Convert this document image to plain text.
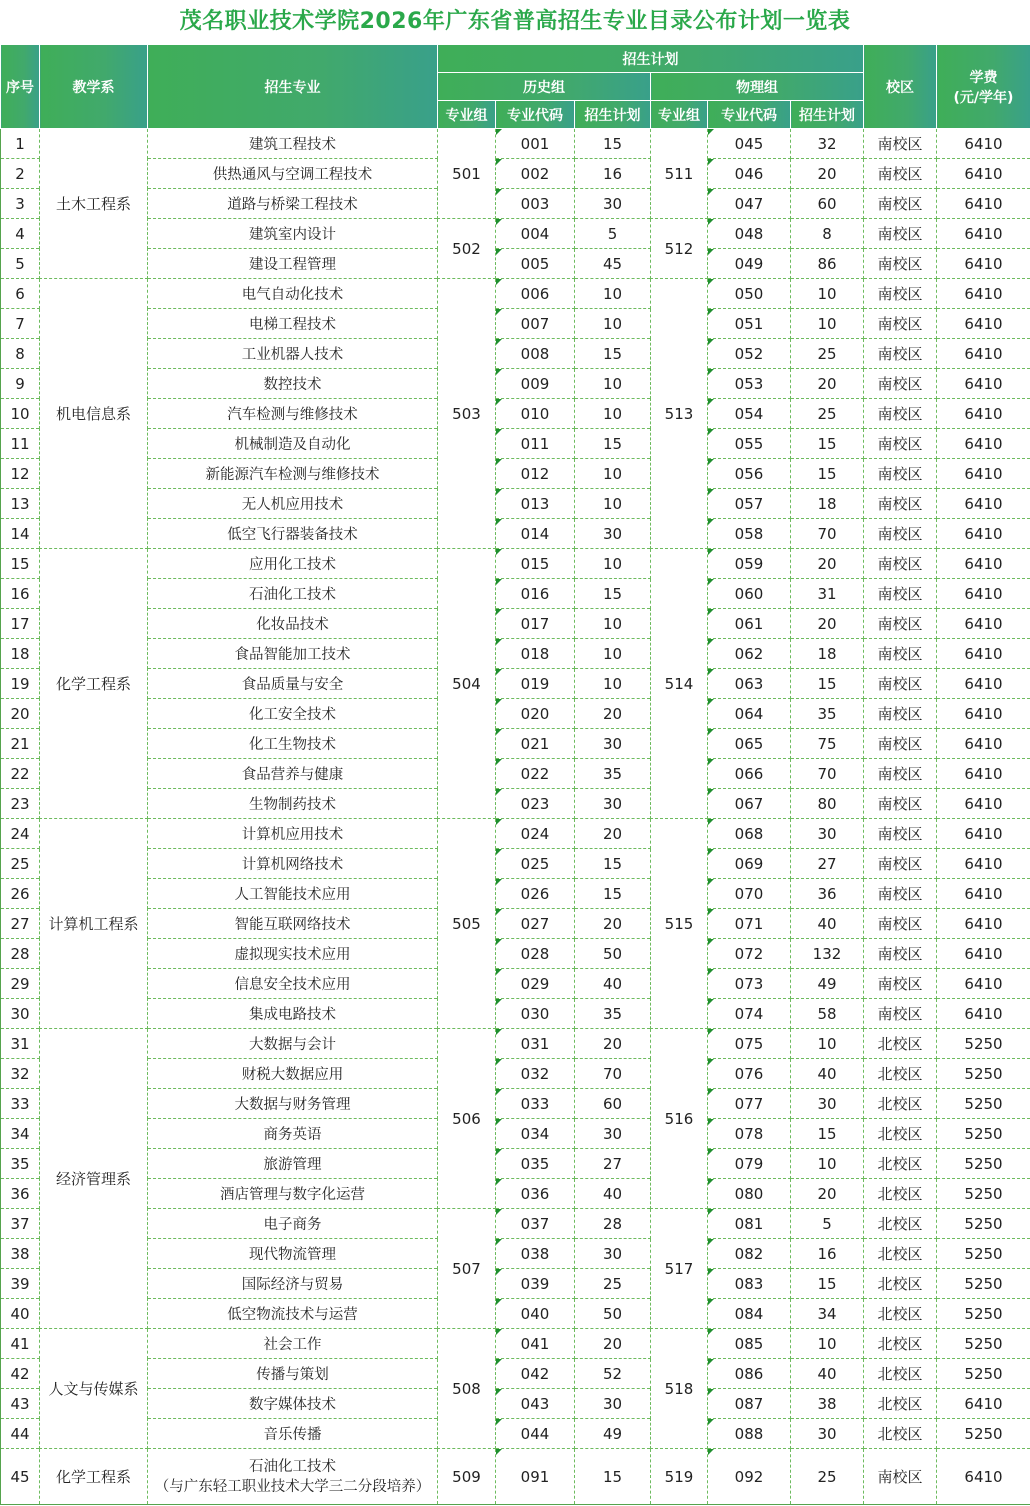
茂名职业技术学院2026年广东省普高招生专业目录公布计划一览表
序号	教学系	招生专业	招生计划						校区	学费
(元/学年)

			历史组			物理组				
			专业组	专业代码	招生计划	专业组	专业代码	招生计划		
1	土木工程系	建筑工程技术	501	001	15	511	045	32	南校区	6410
2		供热通风与空调工程技术		002	16		046	20	南校区	6410
3		道路与桥梁工程技术		003	30		047	60	南校区	6410
4		建筑室内设计	502	004	5	512	048	8	南校区	6410
5		建设工程管理		005	45		049	86	南校区	6410
6	机电信息系	电气自动化技术	503	006	10	513	050	10	南校区	6410
7		电梯工程技术		007	10		051	10	南校区	6410
8		工业机器人技术		008	15		052	25	南校区	6410
9		数控技术		009	10		053	20	南校区	6410
10		汽车检测与维修技术		010	10		054	25	南校区	6410
11		机械制造及自动化		011	15		055	15	南校区	6410
12		新能源汽车检测与维修技术		012	10		056	15	南校区	6410
13		无人机应用技术		013	10		057	18	南校区	6410
14		低空飞行器装备技术		014	30		058	70	南校区	6410
15	化学工程系	应用化工技术	504	015	10	514	059	20	南校区	6410
16		石油化工技术		016	15		060	31	南校区	6410
17		化妆品技术		017	10		061	20	南校区	6410
18		食品智能加工技术		018	10		062	18	南校区	6410
19		食品质量与安全		019	10		063	15	南校区	6410
20		化工安全技术		020	20		064	35	南校区	6410
21		化工生物技术		021	30		065	75	南校区	6410
22		食品营养与健康		022	35		066	70	南校区	6410
23		生物制药技术		023	30		067	80	南校区	6410
24	计算机工程系	计算机应用技术	505	024	20	515	068	30	南校区	6410
25		计算机网络技术		025	15		069	27	南校区	6410
26		人工智能技术应用		026	15		070	36	南校区	6410
27		智能互联网络技术		027	20		071	40	南校区	6410
28		虚拟现实技术应用		028	50		072	132	南校区	6410
29		信息安全技术应用		029	40		073	49	南校区	6410
30		集成电路技术		030	35		074	58	南校区	6410
31	经济管理系	大数据与会计	506	031	20	516	075	10	北校区	5250
32		财税大数据应用		032	70		076	40	北校区	5250
33		大数据与财务管理		033	60		077	30	北校区	5250
34		商务英语		034	30		078	15	北校区	5250
35		旅游管理		035	27		079	10	北校区	5250
36		酒店管理与数字化运营		036	40		080	20	北校区	5250
37		电子商务	507	037	28	517	081	5	北校区	5250
38		现代物流管理		038	30		082	16	北校区	5250
39		国际经济与贸易		039	25		083	15	北校区	5250
40		低空物流技术与运营		040	50		084	34	北校区	5250
41	人文与传媒系	社会工作	508	041	20	518	085	10	北校区	5250
42		传播与策划		042	52		086	40	北校区	5250
43		数字媒体技术		043	30		087	38	北校区	6410
44		音乐传播		044	49		088	30	北校区	5250
45	化学工程系	石油化工技术
（与广东轻工职业技术大学三二分段培养）	509	091	15	519	092	25	南校区	6410
